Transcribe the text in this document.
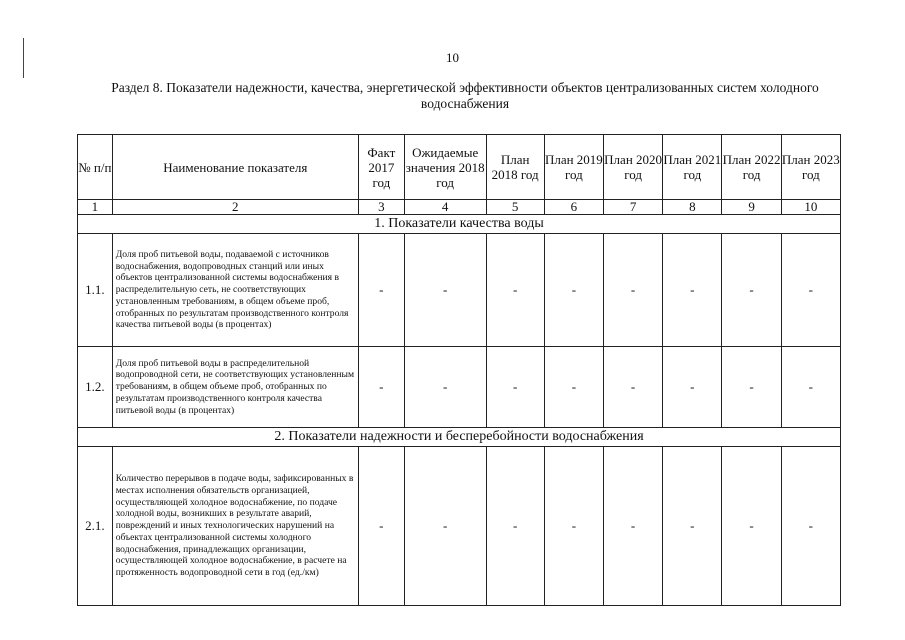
10
Раздел 8. Показатели надежности, качества, энергетической эффективности объектов централизованных систем холодного водоснабжения
№ п/п	Наименование показателя	Факт 2017 год	Ожидаемые значения 2018 год	План 2018 год	План 2019 год	План 2020 год	План 2021 год	План 2022 год	План 2023 год
1	2	3	4	5	6	7	8	9	10
1. Показатели качества воды									
1.1.	Доля проб питьевой воды, подаваемой с источников водоснабжения, водопроводных станций или иных объектов централизованной системы водоснабжения в распределительную сеть, не соответствующих установленным требованиям, в общем объеме проб, отобранных по результатам производственного контроля качества питьевой воды (в процентах)	-	-	-	-	-	-	-	-
1.2.	Доля проб питьевой воды в распределительной водопроводной сети, не соответствующих установленным требованиям, в общем объеме проб, отобранных по результатам производственного контроля качества питьевой воды (в процентах)	-	-	-	-	-	-	-	-
2. Показатели надежности и бесперебойности водоснабжения									
2.1.	Количество перерывов в подаче воды, зафиксированных в местах исполнения обязательств организацией, осуществляющей холодное водоснабжение, по подаче холодной воды, возникших в результате аварий, повреждений и иных технологических нарушений на объектах централизованной системы холодного водоснабжения, принадлежащих организации, осуществляющей холодное водоснабжение, в расчете на протяженность водопроводной сети в год (ед./км)	-	-	-	-	-	-	-	-
